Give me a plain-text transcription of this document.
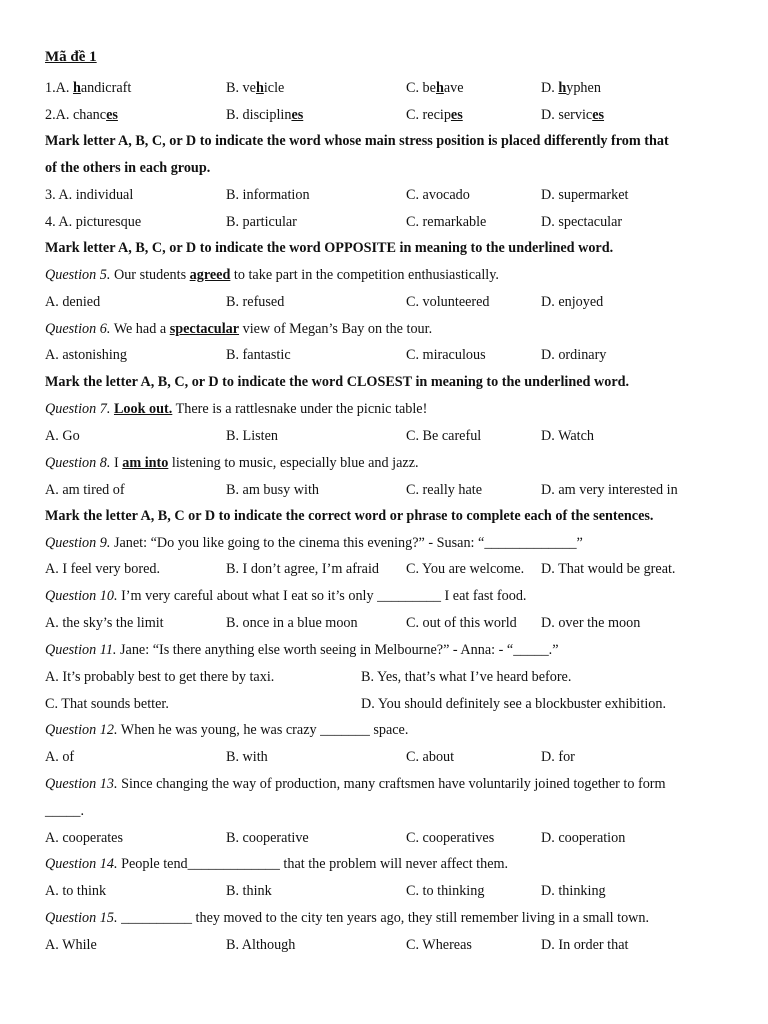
Mã đề 1
1.A. handicraft	B. vehicle	C. behave	D. hyphen
2.A. chances	B. disciplines	C. recipes	D. services
Mark letter A, B, C, or D to indicate the word whose main stress position is placed differently from that
of the others in each group.
3. A. individual	B. information	C. avocado	D. supermarket
4. A. picturesque	B. particular	C. remarkable	D. spectacular
Mark letter A, B, C, or D to indicate the word OPPOSITE in meaning to the underlined word.
Question 5. Our students agreed to take part in the competition enthusiastically.
A. denied	B. refused	C. volunteered	D. enjoyed
Question 6. We had a spectacular view of Megan’s Bay on the tour.
A. astonishing	B. fantastic	C. miraculous	D. ordinary
Mark the letter A, B, C, or D to indicate the word CLOSEST in meaning to the underlined word.
Question 7. Look out. There is a rattlesnake under the picnic table!
A. Go	B. Listen	C. Be careful	D. Watch
Question 8. I am into listening to music, especially blue and jazz.
A. am tired of	B. am busy with	C. really hate	D. am very interested in
Mark the letter A, B, C or D to indicate the correct word or phrase to complete each of the sentences.
Question 9. Janet: “Do you like going to the cinema this evening?” - Susan: “_____________”
A. I feel very bored.	B. I don’t agree, I’m afraid C. You are welcome. D. That would be great.
Question 10. I’m very careful about what I eat so it’s only _________ I eat fast food.
A. the sky’s the limit	B. once in a blue moon	C. out of this world D. over the moon
Question 11. Jane: “Is there anything else worth seeing in Melbourne?” - Anna: - “_____.”
A. It’s probably best to get there by taxi.	B. Yes, that’s what I’ve heard before.
C. That sounds better.	D. You should definitely see a blockbuster exhibition.
Question 12. When he was young, he was crazy _______ space.
A. of	B. with	C. about	D. for
Question 13. Since changing the way of production, many craftsmen have voluntarily joined together to form
_____.
A. cooperates	B. cooperative	C. cooperatives	D. cooperation
Question 14. People tend_____________ that the problem will never affect them.
A. to think	B. think	C. to thinking	D. thinking
Question 15. __________ they moved to the city ten years ago, they still remember living in a small town.
A. While	B. Although	C. Whereas	D. In order that
